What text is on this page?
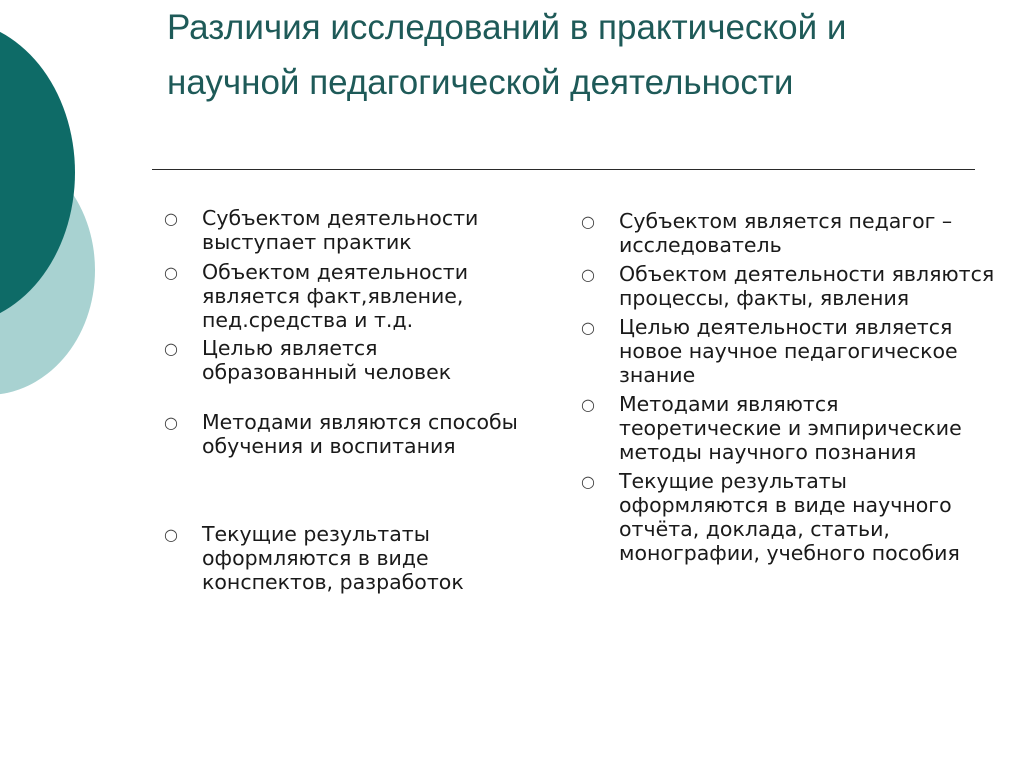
Различия исследований в практической и научной педагогической деятельности
○ Субъектом деятельности выступает практик
○ Объектом деятельности является факт,явление, пед.средства и т.д.
○ Целью является образованный человек
○ Методами являются способы обучения и воспитания
○ Текущие результаты оформляются в виде конспектов, разработок
○ Субъектом является педагог – исследователь
○ Объектом деятельности являются процессы, факты, явления
○ Целью деятельности является новое научное педагогическое знание
○ Методами являются теоретические и эмпирические методы научного познания
○ Текущие результаты оформляются в виде научного отчёта, доклада, статьи, монографии, учебного пособия
